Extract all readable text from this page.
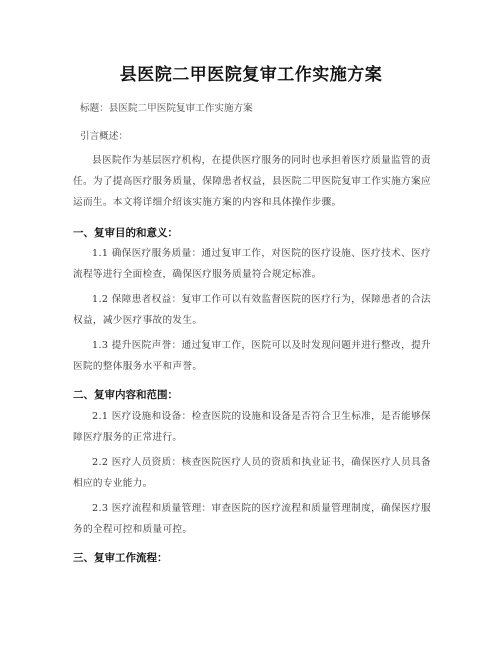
县医院二甲医院复审工作实施方案
标题：县医院二甲医院复审工作实施方案
引言概述：
县医院作为基层医疗机构，在提供医疗服务的同时也承担着医疗质量监管的责任。为了提高医疗服务质量，保障患者权益，县医院二甲医院复审工作实施方案应运而生。本文将详细介绍该实施方案的内容和具体操作步骤。
一、复审目的和意义：
1.1 确保医疗服务质量：通过复审工作，对医院的医疗设施、医疗技术、医疗流程等进行全面检查，确保医疗服务质量符合规定标准。
1.2 保障患者权益：复审工作可以有效监督医院的医疗行为，保障患者的合法权益，减少医疗事故的发生。
1.3 提升医院声誉：通过复审工作，医院可以及时发现问题并进行整改，提升医院的整体服务水平和声誉。
二、复审内容和范围：
2.1 医疗设施和设备：检查医院的设施和设备是否符合卫生标准，是否能够保障医疗服务的正常进行。
2.2 医疗人员资质：核查医院医疗人员的资质和执业证书，确保医疗人员具备相应的专业能力。
2.3 医疗流程和质量管理：审查医院的医疗流程和质量管理制度，确保医疗服务的全程可控和质量可控。
三、复审工作流程：
